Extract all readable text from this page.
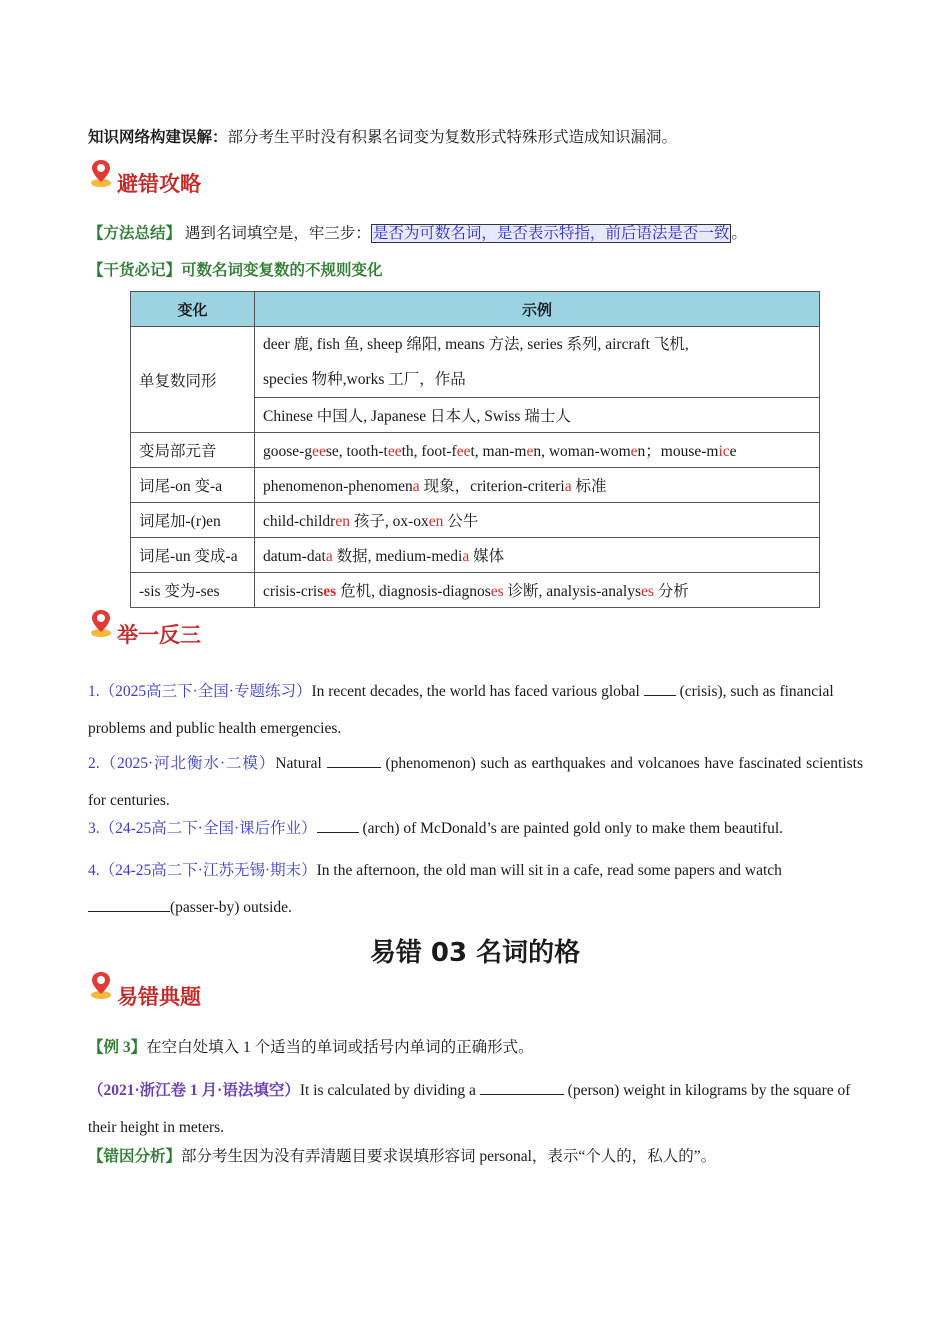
知识网络构建误解：部分考生平时没有积累名词变为复数形式特殊形式造成知识漏洞。
避错攻略
【方法总结】 遇到名词填空是，牢三步： 是否为可数名词，是否表示特指，前后语法是否一致 。
【干货必记】可数名词变复数的不规则变化
变化	示例
单复数同形	deer 鹿, fish 鱼, sheep 绵阳, means 方法, series 系列, aircraft 飞机,
species 物种,works 工厂，作品

	Chinese 中国人, Japanese 日本人, Swiss 瑞士人
变局部元音	goose-geese, tooth-teeth, foot-feet, man-men, woman-women；mouse-mice
词尾-on 变-a	phenomenon-phenomena 现象，criterion-criteria 标准
词尾加-(r)en	child-children 孩子, ox-oxen 公牛
词尾-un 变成-a	datum-data 数据, medium-media 媒体
-sis 变为-ses	crisis-crises 危机, diagnosis-diagnoses 诊断, analysis-analyses 分析
举一反三
1.（2025高三下·全国·专题练习）In recent decades, the world has faced various global  (crisis), such as financial problems and public health emergencies.
2.（2025·河北衡水·二模）Natural	(phenomenon) such as earthquakes and volcanoes have fascinated scientists for centuries.
3.（24-25高二下·全国·课后作业）	(arch) of McDonald’s are painted gold only to make them beautiful.
4.（24-25高二下·江苏无锡·期末）In the afternoon, the old man will sit in a cafe, read some papers and watch
(passer-by) outside.
易错 03 名词的格
易错典题
【例 3】在空白处填入 1 个适当的单词或括号内单词的正确形式。
（2021·浙江卷 1 月·语法填空）It is calculated by dividing a	(person) weight in kilograms by the square of their height in meters.
【错因分析】部分考生因为没有弄清题目要求误填形容词 personal，表示“个人的，私人的”。
